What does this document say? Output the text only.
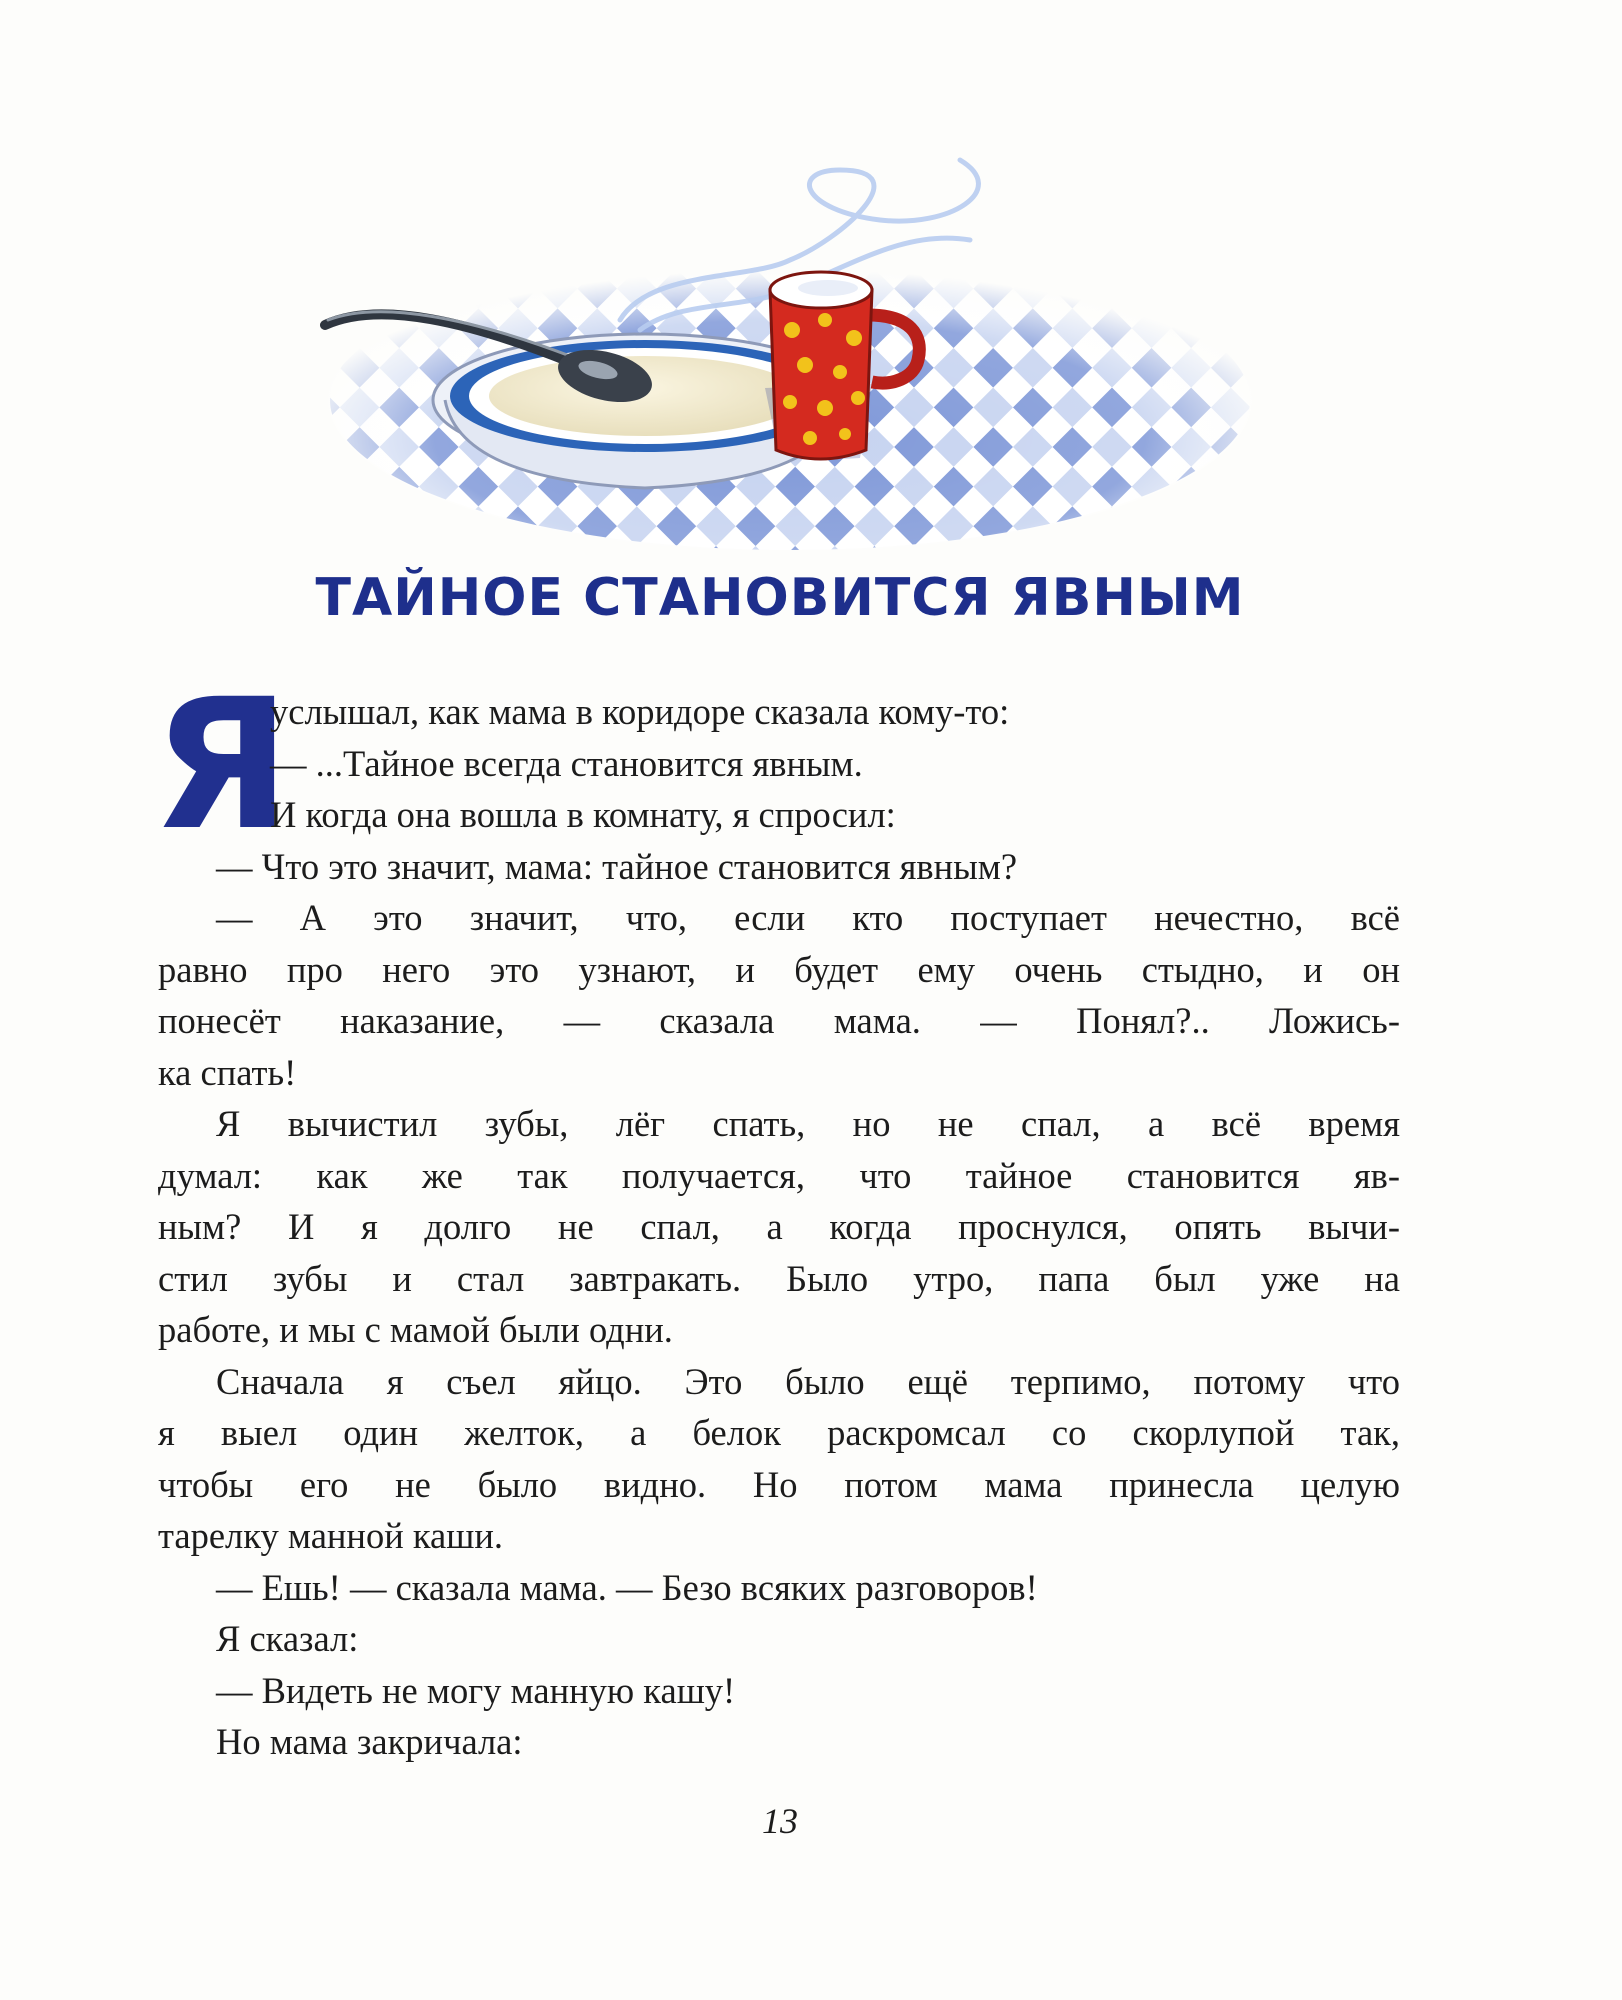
ТАЙНОЕ СТАНОВИТСЯ ЯВНЫМ
Я
услышал, как мама в коридоре сказала кому-то:
— ...Тайное всегда становится явным.
И когда она вошла в комнату, я спросил:
— Что это значит, мама: тайное становится явным?
— А это значит, что, если кто поступает нечестно, всё
равно про него это узнают, и будет ему очень стыдно, и он
понесёт наказание, — сказала мама. — Понял?.. Ложись-
ка спать!
Я вычистил зубы, лёг спать, но не спал, а всё время
думал: как же так получается, что тайное становится яв-
ным? И я долго не спал, а когда проснулся, опять вычи-
стил зубы и стал завтракать. Было утро, папа был уже на
работе, и мы с мамой были одни.
Сначала я съел яйцо. Это было ещё терпимо, потому что
я выел один желток, а белок раскромсал со скорлупой так,
чтобы его не было видно. Но потом мама принесла целую
тарелку манной каши.
— Ешь! — сказала мама. — Безо всяких разговоров!
Я сказал:
— Видеть не могу манную кашу!
Но мама закричала:
13
